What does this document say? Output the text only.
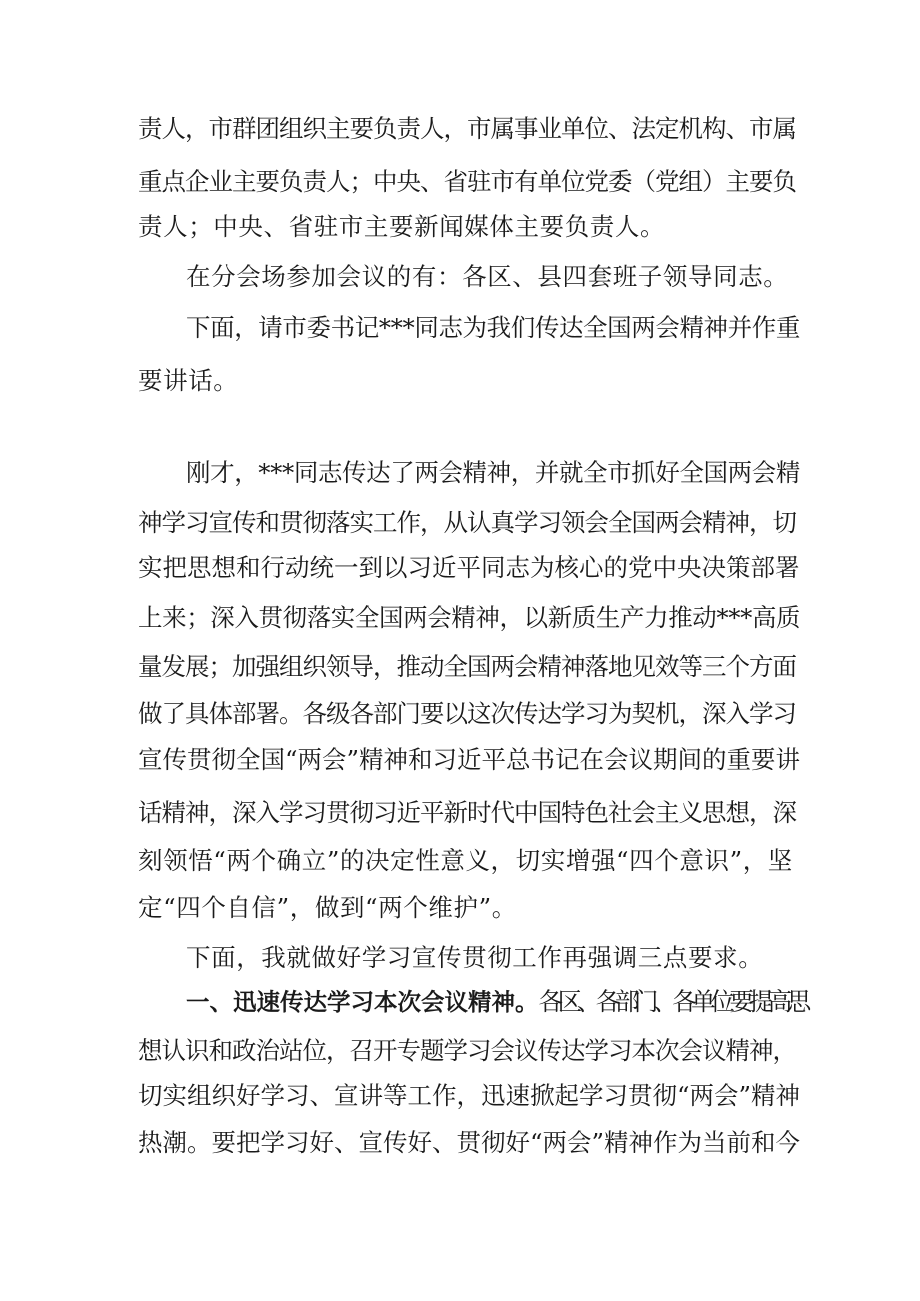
责人，市群团组织主要负责人，市属事业单位、法定机构、市属
重点企业主要负责人；中央、省驻市有单位党委（党组）主要负
责人；中央、省驻市主要新闻媒体主要负责人。
在分会场参加会议的有：各区、县四套班子领导同志。
下面，请市委书记***同志为我们传达全国两会精神并作重
要讲话。
刚才，***同志传达了两会精神，并就全市抓好全国两会精
神学习宣传和贯彻落实工作，从认真学习领会全国两会精神，切
实把思想和行动统一到以习近平同志为核心的党中央决策部署
上来；深入贯彻落实全国两会精神，以新质生产力推动***高质
量发展；加强组织领导，推动全国两会精神落地见效等三个方面
做了具体部署。各级各部门要以这次传达学习为契机，深入学习
宣传贯彻全国“两会”精神和习近平总书记在会议期间的重要讲
话精神，深入学习贯彻习近平新时代中国特色社会主义思想，深
刻领悟“两个确立”的决定性意义，切实增强“四个意识”，坚
定“四个自信”，做到“两个维护”。
下面，我就做好学习宣传贯彻工作再强调三点要求。
一、迅速传达学习本次会议精神。各区、各部门、各单位要提高思
想认识和政治站位，召开专题学习会议传达学习本次会议精神，
切实组织好学习、宣讲等工作，迅速掀起学习贯彻“两会”精神
热潮。要把学习好、宣传好、贯彻好“两会”精神作为当前和今
